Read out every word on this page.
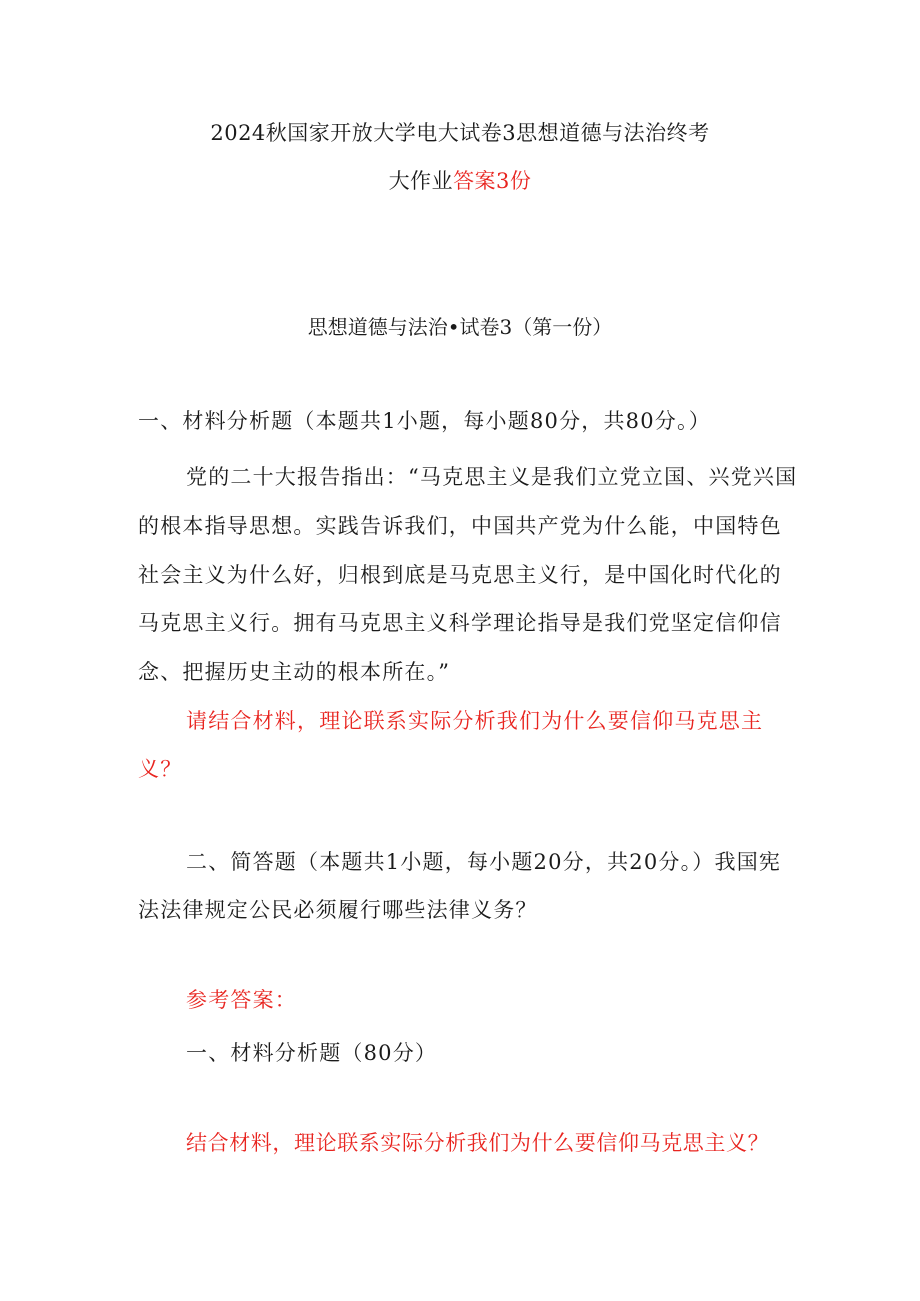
2024秋国家开放大学电大试卷3思想道德与法治终考
大作业答案3份
思想道德与法治•试卷3（第一份）
一、材料分析题（本题共1小题，每小题80分，共80分。）
党的二十大报告指出：“马克思主义是我们立党立国、兴党兴国的根本指导思想。实践告诉我们，中国共产党为什么能，中国特色社会主义为什么好，归根到底是马克思主义行，是中国化时代化的马克思主义行。拥有马克思主义科学理论指导是我们党坚定信仰信念、把握历史主动的根本所在。”
请结合材料，理论联系实际分析我们为什么要信仰马克思主义？
二、简答题（本题共1小题，每小题20分，共20分。）我国宪法法律规定公民必须履行哪些法律义务？
参考答案：
一、材料分析题（80分）
结合材料，理论联系实际分析我们为什么要信仰马克思主义？
